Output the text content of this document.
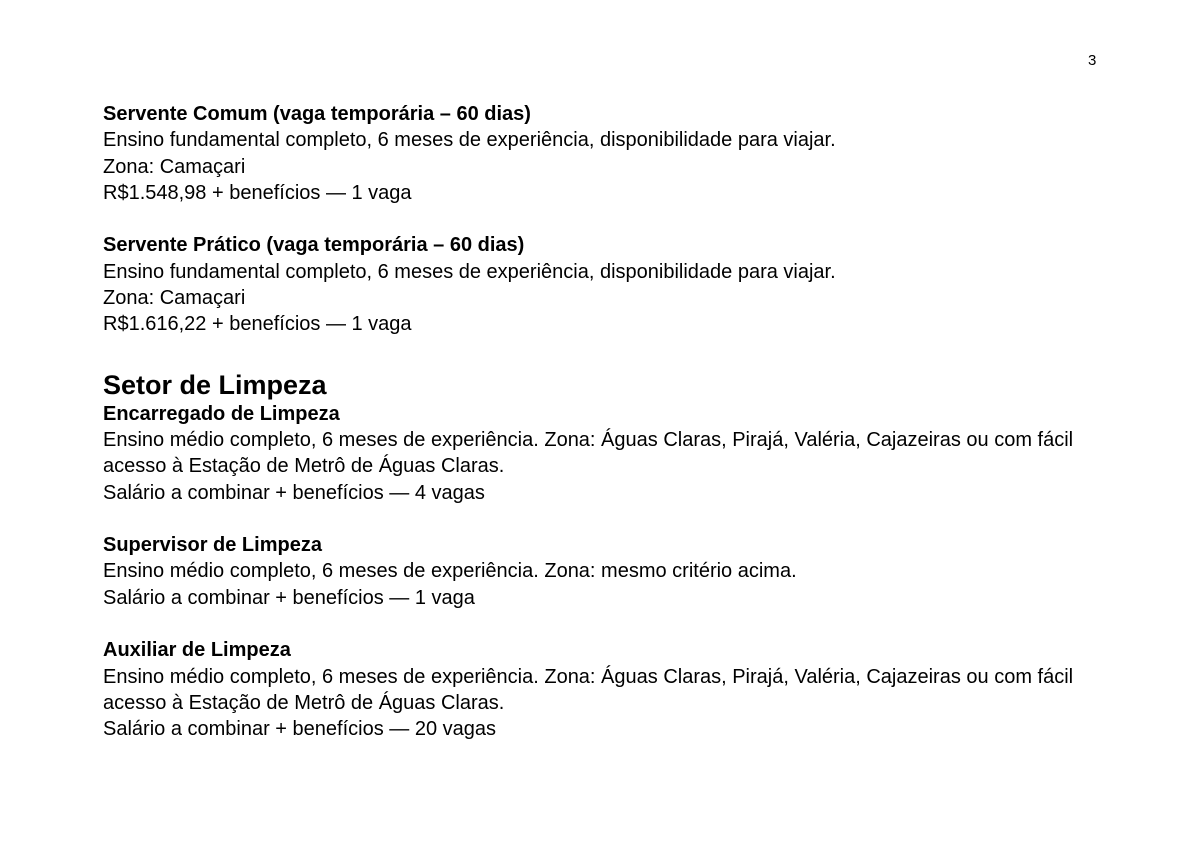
3
Servente Comum (vaga temporária – 60 dias)
Ensino fundamental completo, 6 meses de experiência, disponibilidade para viajar.
Zona: Camaçari
R$1.548,98 + benefícios — 1 vaga
Servente Prático (vaga temporária – 60 dias)
Ensino fundamental completo, 6 meses de experiência, disponibilidade para viajar.
Zona: Camaçari
R$1.616,22 + benefícios — 1 vaga
Setor de Limpeza
Encarregado de Limpeza
Ensino médio completo, 6 meses de experiência. Zona: Águas Claras, Pirajá, Valéria, Cajazeiras ou com fácil
acesso à Estação de Metrô de Águas Claras.
Salário a combinar + benefícios — 4 vagas
Supervisor de Limpeza
Ensino médio completo, 6 meses de experiência. Zona: mesmo critério acima.
Salário a combinar + benefícios — 1 vaga
Auxiliar de Limpeza
Ensino médio completo, 6 meses de experiência. Zona: Águas Claras, Pirajá, Valéria, Cajazeiras ou com fácil
acesso à Estação de Metrô de Águas Claras.
Salário a combinar + benefícios — 20 vagas
